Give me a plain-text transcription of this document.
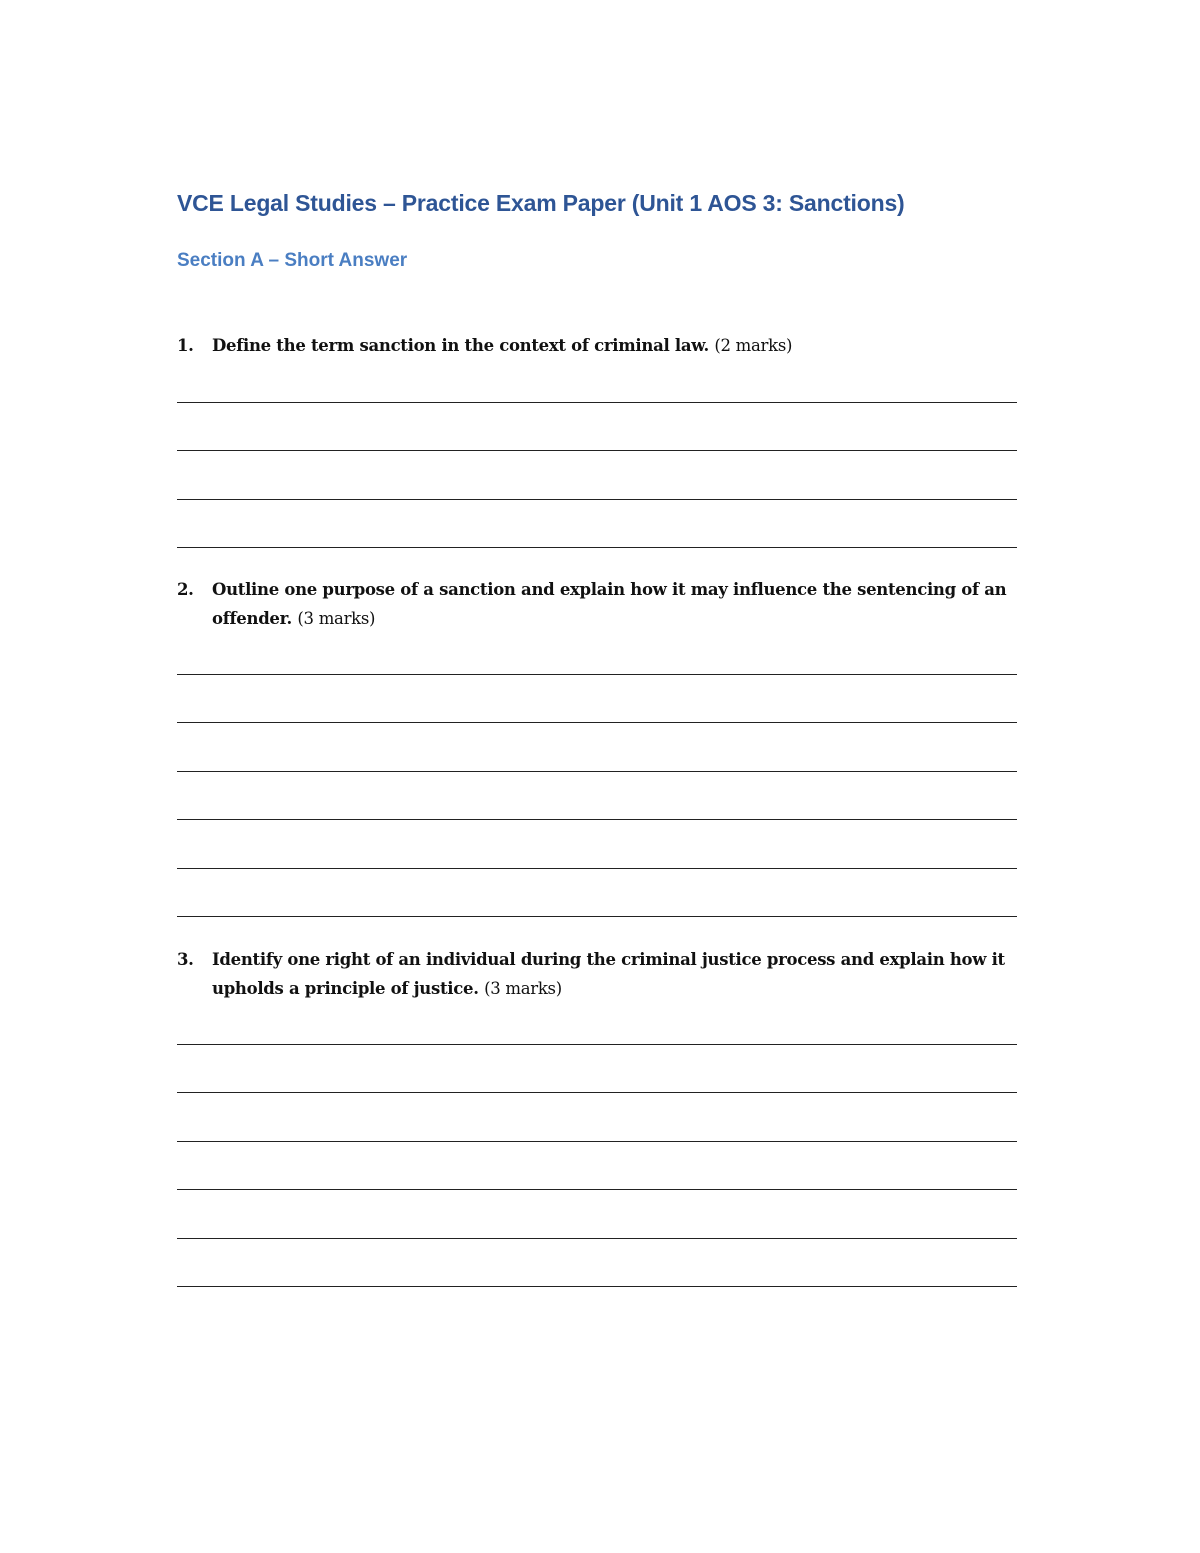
VCE Legal Studies – Practice Exam Paper (Unit 1 AOS 3: Sanctions)
Section A – Short Answer
1. Define the term sanction in the context of criminal law. (2 marks)
2. Outline one purpose of a sanction and explain how it may influence the sentencing of an offender. (3 marks)
3. Identify one right of an individual during the criminal justice process and explain how it upholds a principle of justice. (3 marks)
